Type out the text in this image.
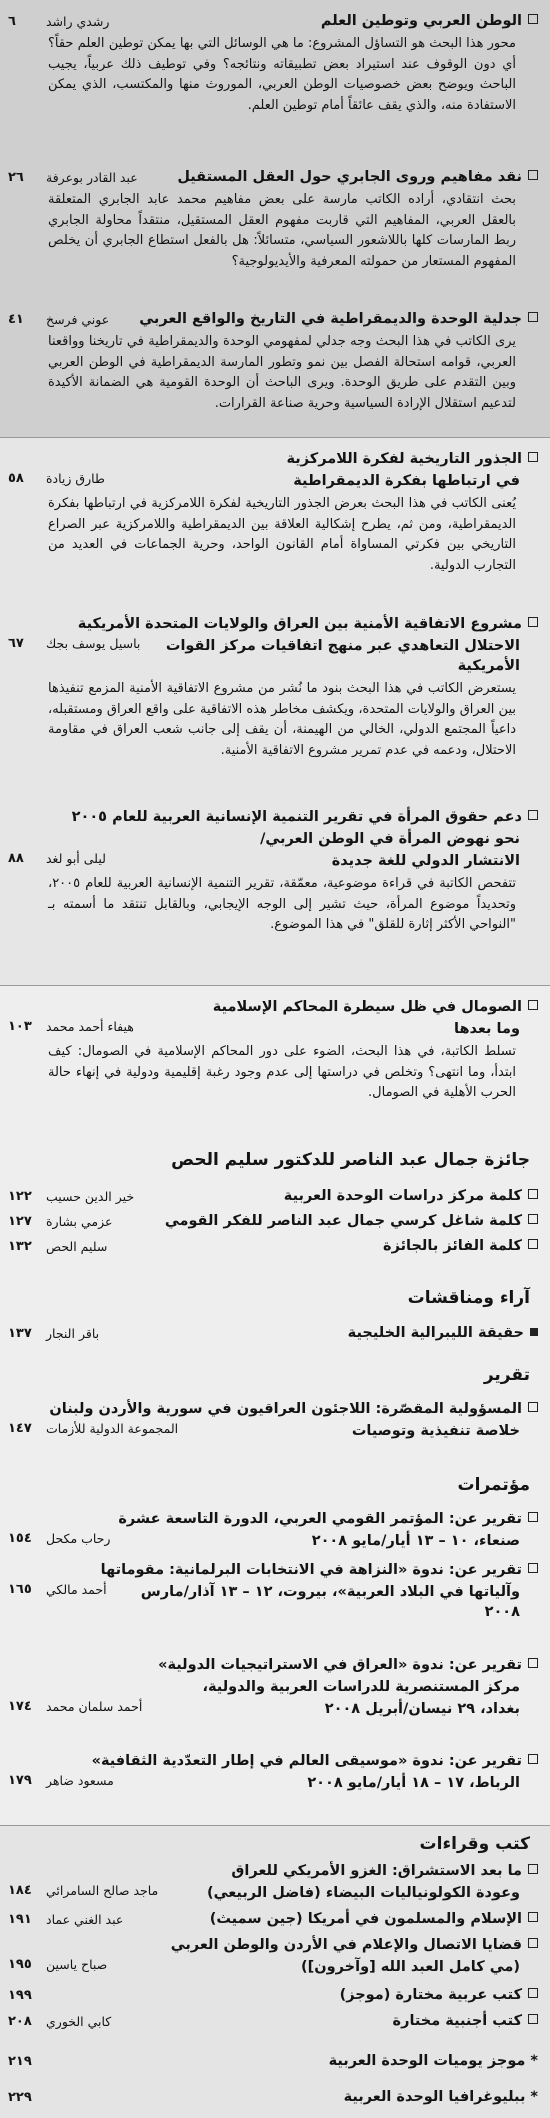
الوطن العربي وتوطين العلم
رشدي راشد
٦
محور هذا البحث هو التساؤل المشروع: ما هي الوسائل التي بها يمكن توطين العلم حقاً؟ أي دون الوقوف عند استيراد بعض تطبيقاته ونتائجه؟ وفي توطيف ذلك عربياً، يجيب الباحث ويوضح بعض خصوصيات الوطن العربي، الموروث منها والمكتسب، الذي يمكن الاستفادة منه، والذي يقف عائقاً أمام توطين العلم.
نقد مفاهيم وروى الجابري حول العقل المستقيل
عبد القادر بوعرفة
٢٦
بحث انتقادي، أراده الكاتب مارسة على بعض مفاهيم محمد عابد الجابري المتعلقة بالعقل العربي، المفاهيم التي قاربت مفهوم العقل المستقيل، منتقداً محاولة الجابري ربط المارسات كلها باللاشعور السياسي، متسائلاً: هل بالفعل استطاع الجابري أن يخلص المفهوم المستعار من حمولته المعرفية والأيديولوجية؟
جدلية الوحدة والديمقراطية في التاريخ والواقع العربي
عوني فرسخ
٤١
يرى الكاتب في هذا البحث وجه جدلي لمفهومي الوحدة والديمقراطية في تاريخنا وواقعنا العربي، قوامه استحالة الفصل بين نمو وتطور المارسة الديمقراطية في الوطن العربي وبين التقدم على طريق الوحدة. ويرى الباحث أن الوحدة القومية هي الضمانة الأكيدة لتدعيم استقلال الإرادة السياسية وحرية صناعة القرارات.
الجذور التاريخية لفكرة اللامركزية
في ارتباطها بفكرة الديمقراطية
طارق زيادة
٥٨
يُعنى الكاتب في هذا البحث بعرض الجذور التاريخية لفكرة اللامركزية في ارتباطها بفكرة الديمقراطية، ومن ثم، يطرح إشكالية العلاقة بين الديمقراطية واللامركزية عبر الصراع التاريخي بين فكرتي المساواة أمام القانون الواحد، وحرية الجماعات في العديد من التجارب الدولية.
مشروع الاتفاقية الأمنية بين العراق والولايات المتحدة الأمريكية
الاحتلال التعاهدي عبر منهج اتفاقيات مركز القوات الأمريكية
باسيل يوسف بجك
٦٧
يستعرض الكاتب في هذا البحث بنود ما نُشر من مشروع الاتفاقية الأمنية المزمع تنفيذها بين العراق والولايات المتحدة، ويكشف مخاطر هذه الاتفاقية على واقع العراق ومستقبله، داعياً المجتمع الدولي، الخالي من الهيمنة، أن يقف إلى جانب شعب العراق في مقاومة الاحتلال، ودعمه في عدم تمرير مشروع الاتفاقية الأمنية.
دعم حقوق المرأة في تقرير التنمية الإنسانية العربية للعام ٢٠٠٥
نحو نهوض المرأة في الوطن العربي/
الانتشار الدولي للغة جديدة
ليلى أبو لغد
٨٨
تتفحص الكاتبة في قراءة موضوعية، معمّقة، تقرير التنمية الإنسانية العربية للعام ٢٠٠٥، وتحديداً موضوع المرأة، حيث تشير إلى الوجه الإيجابي، وبالقابل تنتقد ما أسمته بـ "النواحي الأكثر إثارة للقلق" في هذا الموضوع.
الصومال في ظل سيطرة المحاكم الإسلامية
وما بعدها
هيفاء أحمد محمد
١٠٣
تسلط الكاتبة، في هذا البحث، الضوء على دور المحاكم الإسلامية في الصومال: كيف ابتدأ، وما انتهى؟ وتخلص في دراستها إلى عدم وجود رغبة إقليمية ودولية في إنهاء حالة الحرب الأهلية في الصومال.
جائزة جمال عبد الناصر للدكتور سليم الحص
كلمة مركز دراسات الوحدة العربية
خير الدين حسيب
١٢٢
كلمة شاغل كرسي جمال عبد الناصر للفكر القومي
عزمي بشارة
١٢٧
كلمة الفائز بالجائزة
سليم الحص
١٣٢
آراء ومناقشات
حقيقة الليبرالية الخليجية
باقر النجار
١٣٧
تقرير
المسؤولية المقصّرة: اللاجئون العراقيون في سورية والأردن ولبنان
خلاصة تنفيذية وتوصيات
المجموعة الدولية للأزمات
١٤٧
مؤتمرات
تقرير عن: المؤتمر القومي العربي، الدورة التاسعة عشرة
صنعاء، ١٠ – ١٣ أيار/مايو ٢٠٠٨
رحاب مكحل
١٥٤
تقرير عن: ندوة «النزاهة في الانتخابات البرلمانية: مقوماتها
وآلياتها في البلاد العربية»، بيروت، ١٢ – ١٣ آذار/مارس ٢٠٠٨
أحمد مالكي
١٦٥
تقرير عن: ندوة «العراق في الاستراتيجيات الدولية»
مركز المستنصرية للدراسات العربية والدولية،
بغداد، ٢٩ نيسان/أبريل ٢٠٠٨
أحمد سلمان محمد
١٧٤
تقرير عن: ندوة «موسيقى العالم في إطار التعدّدية الثقافية»
الرباط، ١٧ – ١٨ أيار/مايو ٢٠٠٨
مسعود ضاهر
١٧٩
كتب وقراءات
ما بعد الاستشراق: الغزو الأمريكي للعراق
وعودة الكولونياليات البيضاء (فاضل الربيعي)
ماجد صالح السامرائي
١٨٤
الإسلام والمسلمون في أمريكا (جين سميث)
عبد الغني عماد
١٩١
قضايا الاتصال والإعلام في الأردن والوطن العربي
(مي كامل العبد الله [وآخرون])
صباح ياسين
١٩٥
كتب عربية مختارة (موجز)
١٩٩
كتب أجنبية مختارة
كابي الخوري
٢٠٨
*موجز يوميات الوحدة العربية
٢١٩
*ببليوغرافيا الوحدة العربية
٢٢٩
